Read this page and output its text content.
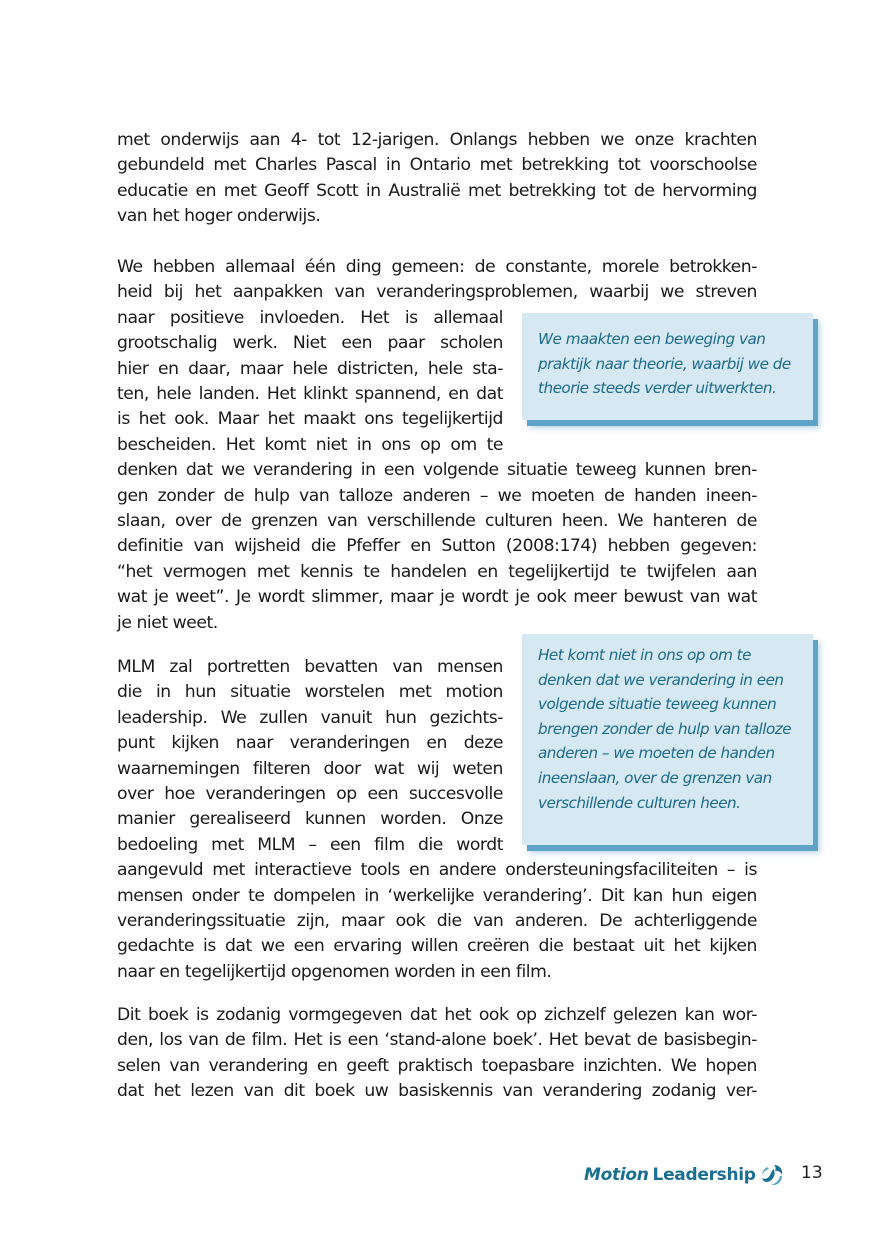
met onderwijs aan 4- tot 12-jarigen. Onlangs hebben we onze krachten
gebundeld met Charles Pascal in Ontario met betrekking tot voorschoolse
educatie en met Geoff Scott in Australië met betrekking tot de hervorming
van het hoger onderwijs.
We hebben allemaal één ding gemeen: de constante, morele betrokken-
heid bij het aanpakken van veranderingsproblemen, waarbij we streven
naar positieve invloeden. Het is allemaal
grootschalig werk. Niet een paar scholen
hier en daar, maar hele districten, hele sta-
ten, hele landen. Het klinkt spannend, en dat
is het ook. Maar het maakt ons tegelijkertijd
bescheiden. Het komt niet in ons op om te
denken dat we verandering in een volgende situatie teweeg kunnen bren-
gen zonder de hulp van talloze anderen – we moeten de handen ineen-
slaan, over de grenzen van verschillende culturen heen. We hanteren de
definitie van wijsheid die Pfeffer en Sutton (2008:174) hebben gegeven:
“het vermogen met kennis te handelen en tegelijkertijd te twijfelen aan
wat je weet”. Je wordt slimmer, maar je wordt je ook meer bewust van wat
je niet weet.
MLM zal portretten bevatten van mensen
die in hun situatie worstelen met motion
leadership. We zullen vanuit hun gezichts-
punt kijken naar veranderingen en deze
waarnemingen filteren door wat wij weten
over hoe veranderingen op een succesvolle
manier gerealiseerd kunnen worden. Onze
bedoeling met MLM – een film die wordt
aangevuld met interactieve tools en andere ondersteuningsfaciliteiten – is
mensen onder te dompelen in ‘werkelijke verandering’. Dit kan hun eigen
veranderingssituatie zijn, maar ook die van anderen. De achterliggende
gedachte is dat we een ervaring willen creëren die bestaat uit het kijken
naar en tegelijkertijd opgenomen worden in een film.
Dit boek is zodanig vormgegeven dat het ook op zichzelf gelezen kan wor-
den, los van de film. Het is een ‘stand-alone boek’. Het bevat de basisbegin-
selen van verandering en geeft praktisch toepasbare inzichten. We hopen
dat het lezen van dit boek uw basiskennis van verandering zodanig ver-
We maakten een beweging van
praktijk naar theorie, waarbij we de
theorie steeds verder uitwerkten.
Het komt niet in ons op om te
denken dat we verandering in een
volgende situatie teweeg kunnen
brengen zonder de hulp van talloze
anderen – we moeten de handen
ineenslaan, over de grenzen van
verschillende culturen heen.
Motion Leadership	13
